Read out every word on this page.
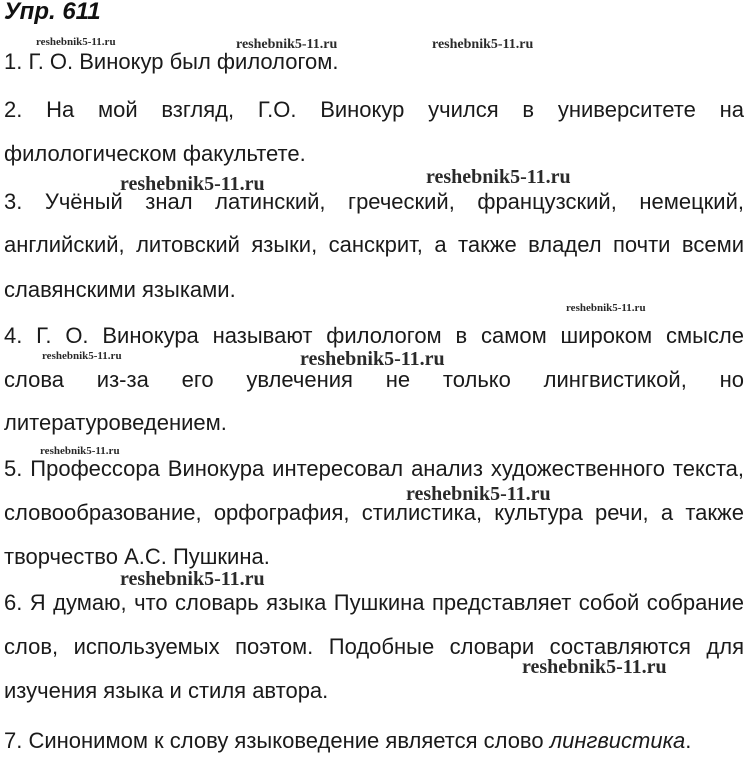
Упр. 611
reshebnik5-11.ru	reshebnik5-11.ru	reshebnik5-11.ru
reshebnik5-11.ru	reshebnik5-11.ru
reshebnik5-11.ru
reshebnik5-11.ru	reshebnik5-11.ru
reshebnik5-11.ru
reshebnik5-11.ru
reshebnik5-11.ru
reshebnik5-11.ru
1. Г. О. Винокур был филологом.
2. На мой взгляд, Г.О. Винокур учился в университете на
филологическом факультете.
3. Учёный знал латинский, греческий, французский, немецкий,
английский, литовский языки, санскрит, а также владел почти всеми
славянскими языками.
4. Г. О. Винокура называют филологом в самом широком смысле
слова из-за его увлечения не только лингвистикой, но
литературоведением.
5. Профессора Винокура интересовал анализ художественного текста,
словообразование, орфография, стилистика, культура речи, а также
творчество А.С. Пушкина.
6. Я думаю, что словарь языка Пушкина представляет собой собрание
слов, используемых поэтом. Подобные словари составляются для
изучения языка и стиля автора.
7. Синонимом к слову языковедение является слово лингвистика.
